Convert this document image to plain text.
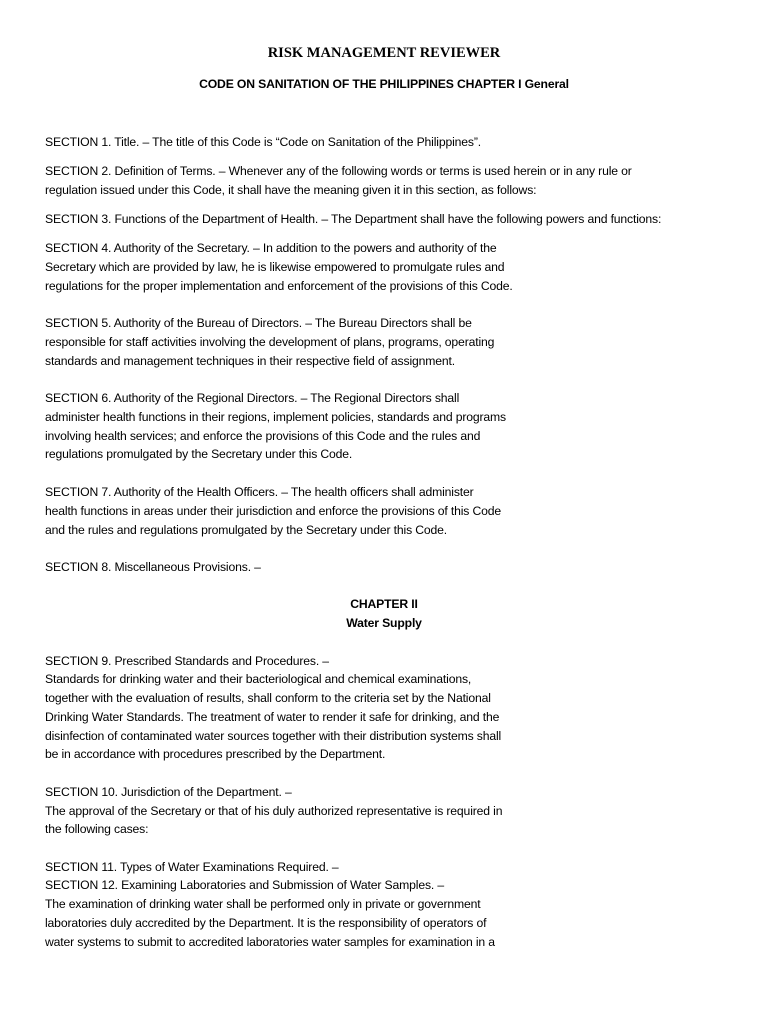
RISK MANAGEMENT REVIEWER
CODE ON SANITATION OF THE PHILIPPINES CHAPTER I General
SECTION 1. Title. – The title of this Code is “Code on Sanitation of the Philippines”.
SECTION 2. Definition of Terms. – Whenever any of the following words or terms is used herein or in any rule or
regulation issued under this Code, it shall have the meaning given it in this section, as follows:
SECTION 3. Functions of the Department of Health. – The Department shall have the following powers and functions:
SECTION 4. Authority of the Secretary. – In addition to the powers and authority of the
Secretary which are provided by law, he is likewise empowered to promulgate rules and
regulations for the proper implementation and enforcement of the provisions of this Code.
SECTION 5. Authority of the Bureau of Directors. – The Bureau Directors shall be
responsible for staff activities involving the development of plans, programs, operating
standards and management techniques in their respective field of assignment.
SECTION 6. Authority of the Regional Directors. – The Regional Directors shall
administer health functions in their regions, implement policies, standards and programs
involving health services; and enforce the provisions of this Code and the rules and
regulations promulgated by the Secretary under this Code.
SECTION 7. Authority of the Health Officers. – The health officers shall administer
health functions in areas under their jurisdiction and enforce the provisions of this Code
and the rules and regulations promulgated by the Secretary under this Code.
SECTION 8. Miscellaneous Provisions. –
CHAPTER II
Water Supply
SECTION 9. Prescribed Standards and Procedures. –
Standards for drinking water and their bacteriological and chemical examinations,
together with the evaluation of results, shall conform to the criteria set by the National
Drinking Water Standards. The treatment of water to render it safe for drinking, and the
disinfection of contaminated water sources together with their distribution systems shall
be in accordance with procedures prescribed by the Department.
SECTION 10. Jurisdiction of the Department. –
The approval of the Secretary or that of his duly authorized representative is required in
the following cases:
SECTION 11. Types of Water Examinations Required. –
SECTION 12. Examining Laboratories and Submission of Water Samples. –
The examination of drinking water shall be performed only in private or government
laboratories duly accredited by the Department. It is the responsibility of operators of
water systems to submit to accredited laboratories water samples for examination in a
